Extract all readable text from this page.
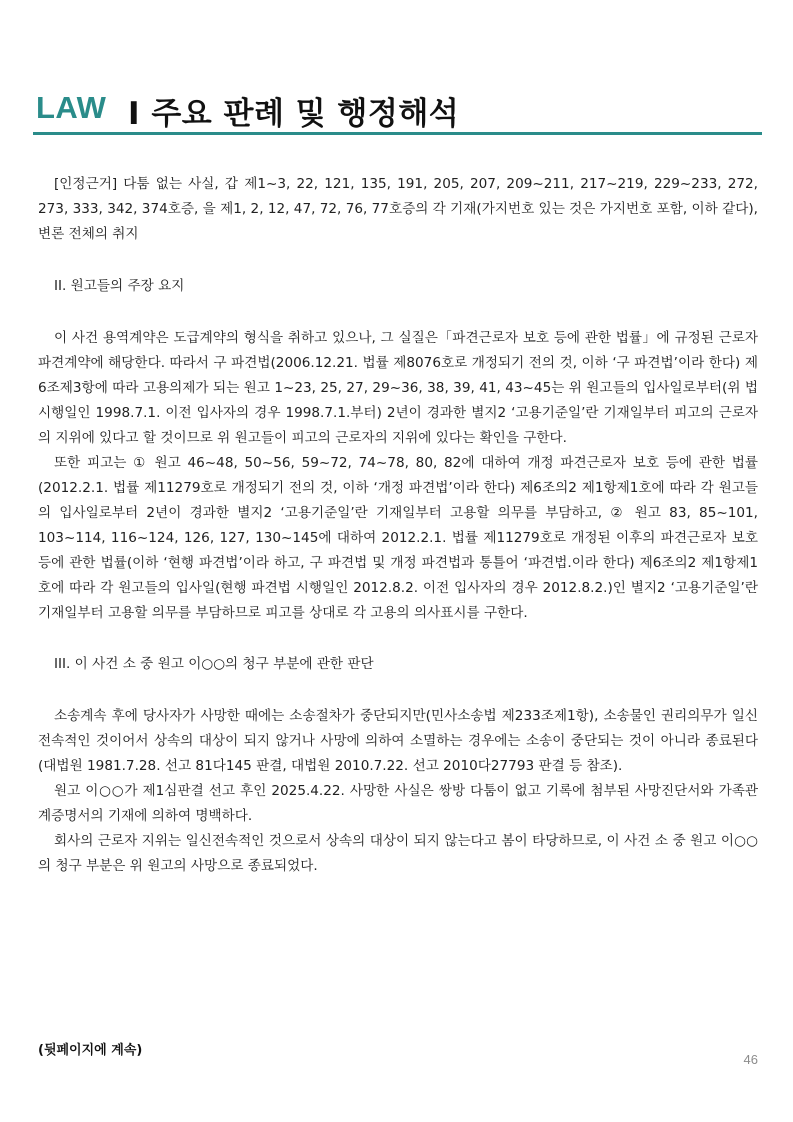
LAW I 주요 판례 및 행정해석

[인정근거] 다툼 없는 사실, 갑 제1~3, 22, 121, 135, 191, 205, 207, 209~211, 217~219, 229~233, 272, 273, 333, 342, 374호증, 을 제1, 2, 12, 47, 72, 76, 77호증의 각 기재(가지번호 있는 것은 가지번호 포함, 이하 같다), 변론 전체의 취지

II. 원고들의 주장 요지

이 사건 용역계약은 도급계약의 형식을 취하고 있으나, 그 실질은「파견근로자 보호 등에 관한 법률」에 규정된 근로자파견계약에 해당한다. 따라서 구 파견법(2006.12.21. 법률 제8076호로 개정되기 전의 것, 이하 ‘구 파견법’이라 한다) 제6조제3항에 따라 고용의제가 되는 원고 1~23, 25, 27, 29~36, 38, 39, 41, 43~45는 위 원고들의 입사일로부터(위 법 시행일인 1998.7.1. 이전 입사자의 경우 1998.7.1.부터) 2년이 경과한 별지2 ‘고용기준일’란 기재일부터 피고의 근로자의 지위에 있다고 할 것이므로 위 원고들이 피고의 근로자의 지위에 있다는 확인을 구한다.

또한 피고는 ① 원고 46~48, 50~56, 59~72, 74~78, 80, 82에 대하여 개정 파견근로자 보호 등에 관한 법률(2012.2.1. 법률 제11279호로 개정되기 전의 것, 이하 ‘개정 파견법’이라 한다) 제6조의2 제1항제1호에 따라 각 원고들의 입사일로부터 2년이 경과한 별지2 ‘고용기준일’란 기재일부터 고용할 의무를 부담하고, ② 원고 83, 85~101, 103~114, 116~124, 126, 127, 130~145에 대하여 2012.2.1. 법률 제11279호로 개정된 이후의 파견근로자 보호 등에 관한 법률(이하 ‘현행 파견법’이라 하고, 구 파견법 및 개정 파견법과 통틀어 ‘파견법.이라 한다) 제6조의2 제1항제1호에 따라 각 원고들의 입사일(현행 파견법 시행일인 2012.8.2. 이전 입사자의 경우 2012.8.2.)인 별지2 ‘고용기준일’란 기재일부터 고용할 의무를 부담하므로 피고를 상대로 각 고용의 의사표시를 구한다.

III. 이 사건 소 중 원고 이○○의 청구 부분에 관한 판단

소송계속 후에 당사자가 사망한 때에는 소송절차가 중단되지만(민사소송법 제233조제1항), 소송물인 권리의무가 일신전속적인 것이어서 상속의 대상이 되지 않거나 사망에 의하여 소멸하는 경우에는 소송이 중단되는 것이 아니라 종료된다(대법원 1981.7.28. 선고 81다145 판결, 대법원 2010.7.22. 선고 2010다27793 판결 등 참조).

원고 이○○가 제1심판결 선고 후인 2025.4.22. 사망한 사실은 쌍방 다툼이 없고 기록에 첨부된 사망진단서와 가족관계증명서의 기재에 의하여 명백하다.

회사의 근로자 지위는 일신전속적인 것으로서 상속의 대상이 되지 않는다고 봄이 타당하므로, 이 사건 소 중 원고 이○○의 청구 부분은 위 원고의 사망으로 종료되었다.

(뒷페이지에 계속)
46
